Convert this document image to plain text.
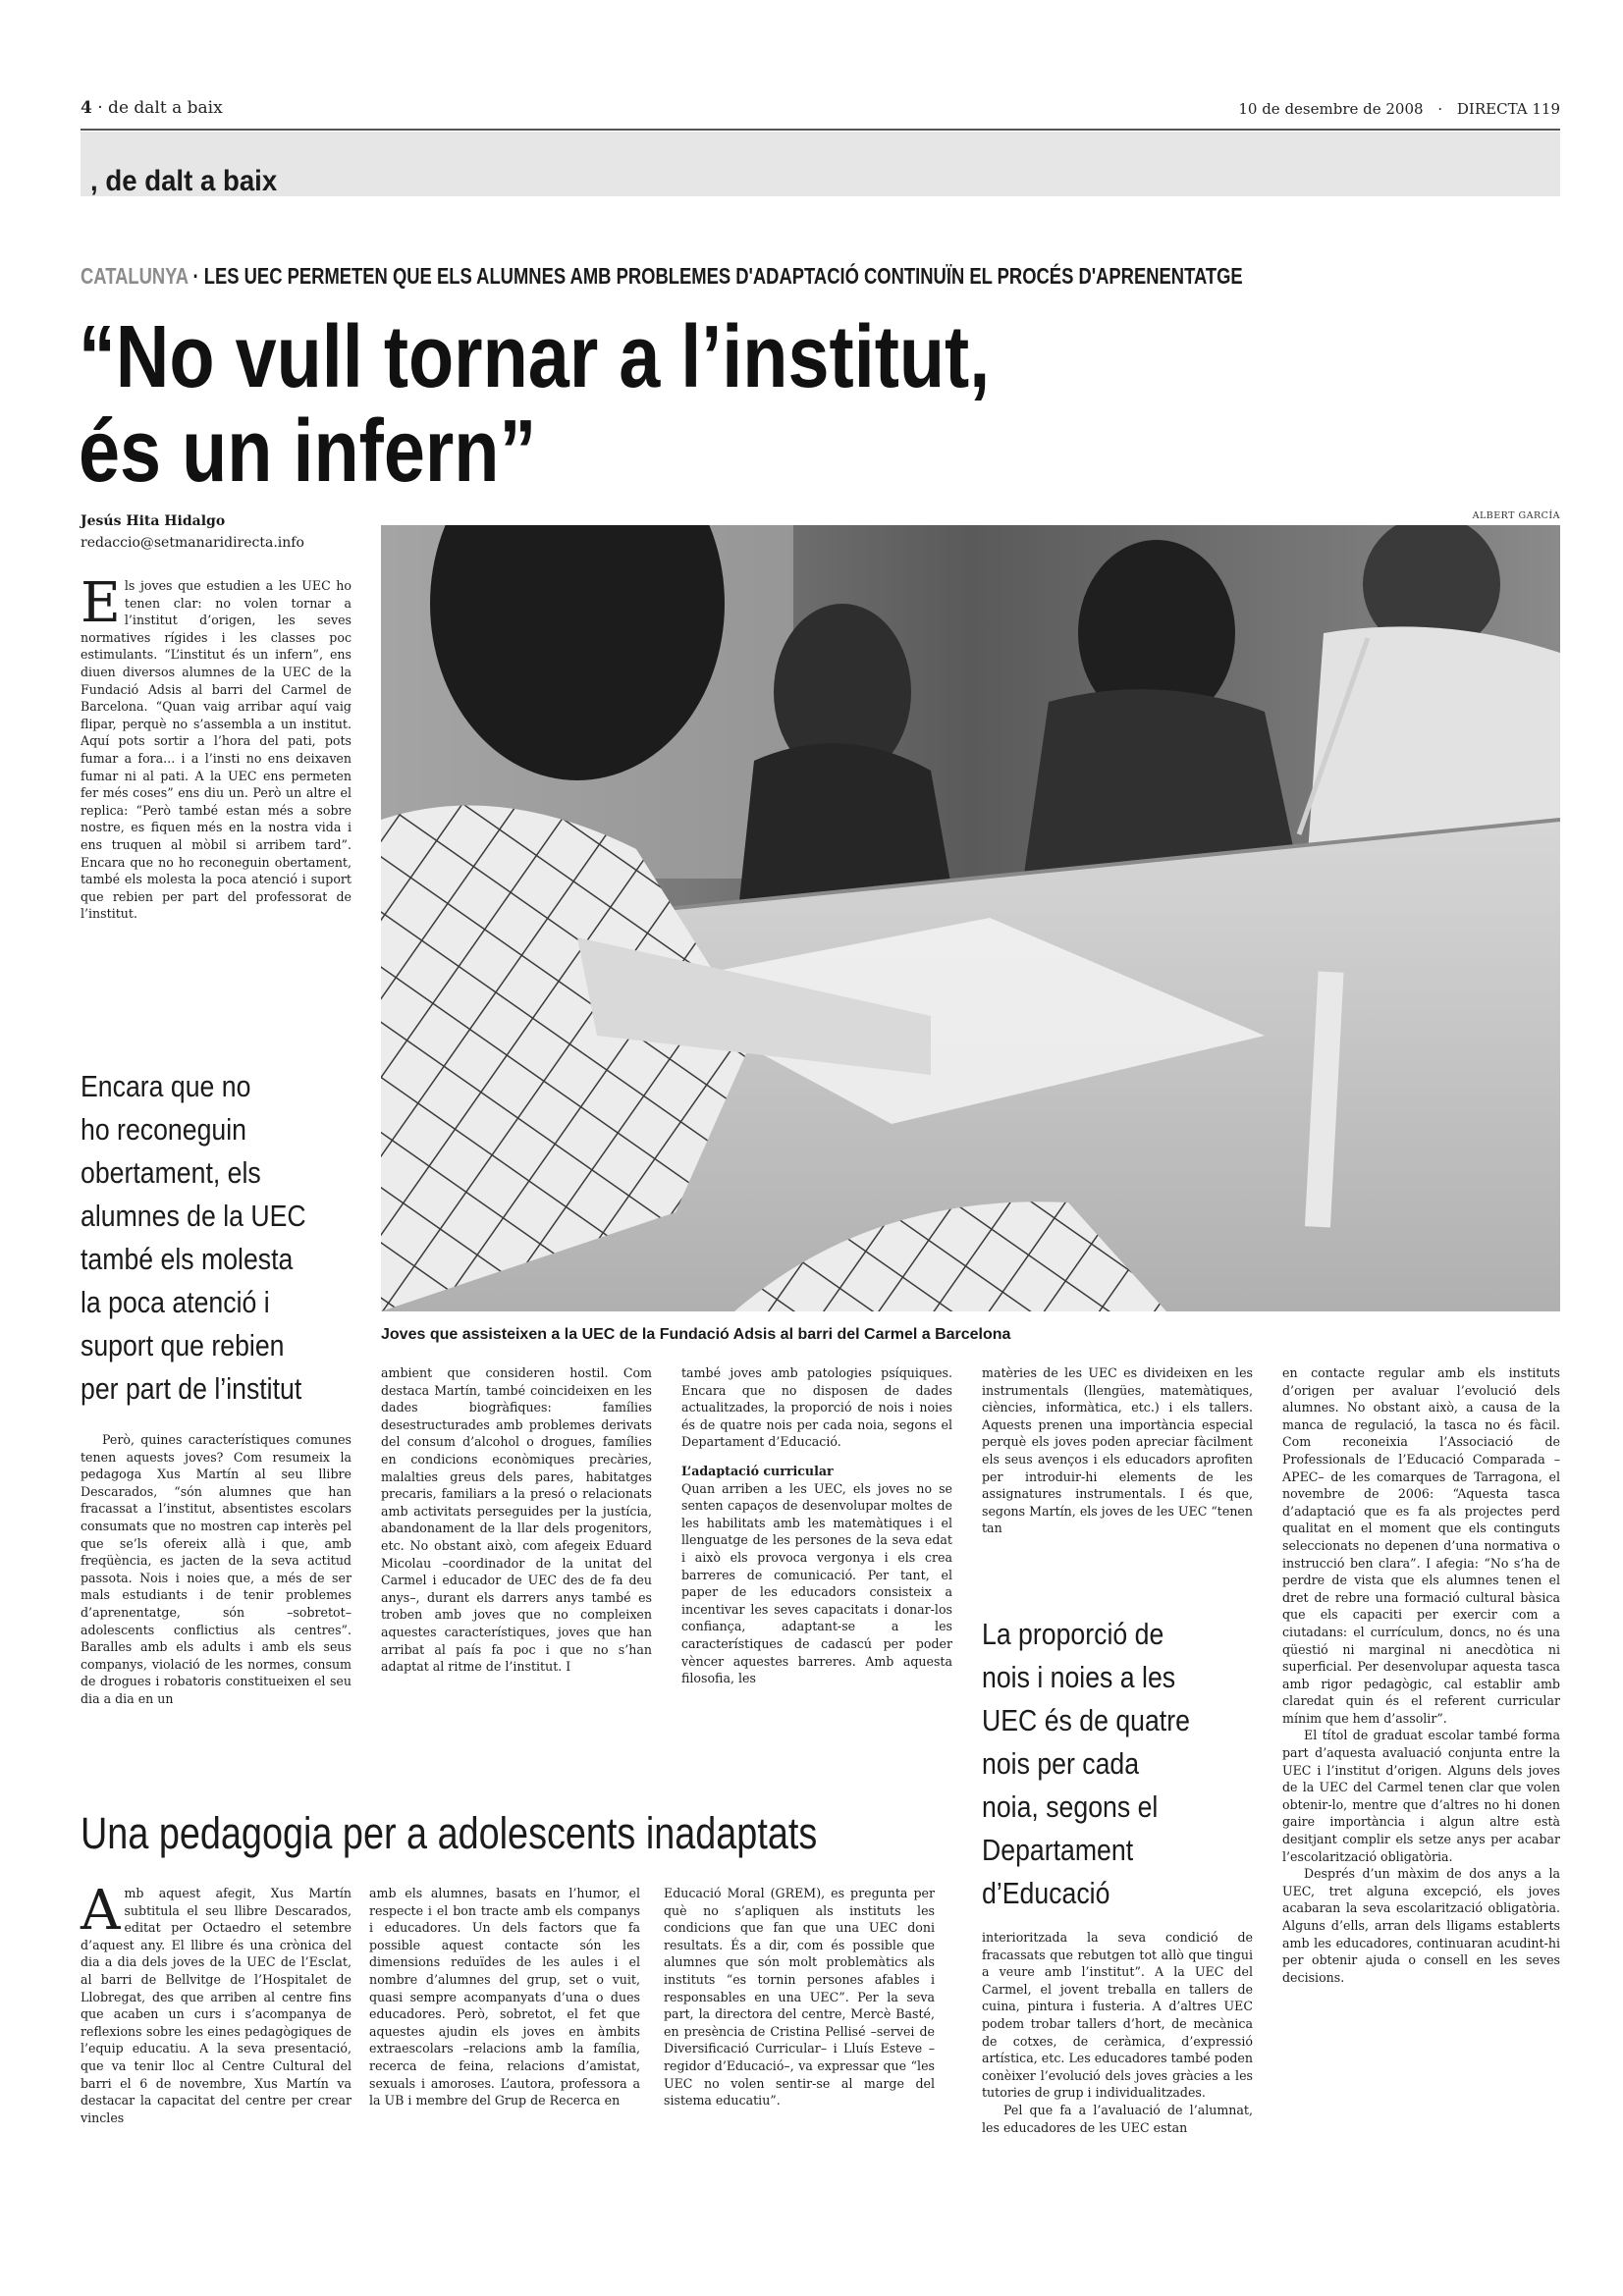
4 · de dalt a baix	10 de desembre de 2008 · DIRECTA 119
, de dalt a baix
CATALUNYA · LES UEC PERMETEN QUE ELS ALUMNES AMB PROBLEMES D'ADAPTACIÓ CONTINUÏN EL PROCÉS D'APRENENTATGE
“No vull tornar a l’institut,
és un infern”
Jesús Hita Hidalgo
redaccio@setmanaridirecta.info
ALBERT GARCÍA
Joves que assisteixen a la UEC de la Fundació Adsis al barri del Carmel a Barcelona
E ls joves que estudien a les UEC ho tenen clar: no volen tornar a l’institut d’origen, les seves normatives rígides i les classes poc estimulants. “L’institut és un infern”, ens diuen diversos alumnes de la UEC de la Fundació Adsis al barri del Carmel de Barcelona. “Quan vaig arribar aquí vaig flipar, perquè no s’assembla a un institut. Aquí pots sortir a l’hora del pati, pots fumar a fora... i a l’insti no ens deixaven fumar ni al pati. A la UEC ens permeten fer més coses” ens diu un. Però un altre el replica: “Però també estan més a sobre nostre, es fiquen més en la nostra vida i ens truquen al mòbil si arribem tard”. Encara que no ho reconeguin obertament, també els molesta la poca atenció i suport que rebien per part del professorat de l’institut.

Encara que no

ho reconeguin

obertament, els

alumnes de la UEC

també els molesta

la poca atenció i

suport que rebien

per part de l’institut

Però, quines característiques comunes tenen aquests joves? Com resumeix la pedagoga Xus Martín al seu llibre Descarados, “són alumnes que han fracassat a l’institut, absentistes escolars consumats que no mostren cap interès pel que se’ls ofereix allà i que, amb freqüència, es jacten de la seva actitud passota. Nois i noies que, a més de ser mals estudiants i de tenir problemes d’aprenentatge, són –sobretot– adolescents conflictius als centres”. Baralles amb els adults i amb els seus companys, violació de les normes, consum de drogues i robatoris constitueixen el seu dia a dia en un

ambient que consideren hostil. Com destaca Martín, també coincideixen en les dades biogràfiques: famílies desestructurades amb problemes derivats del consum d’alcohol o drogues, famílies en condicions econòmiques precàries, malalties greus dels pares, habitatges precaris, familiars a la presó o relacionats amb activitats perseguides per la justícia, abandonament de la llar dels progenitors, etc. No obstant això, com afegeix Eduard Micolau –coordinador de la unitat del Carmel i educador de UEC des de fa deu anys–, durant els darrers anys també es troben amb joves que no compleixen aquestes característiques, joves que han arribat al país fa poc i que no s’han adaptat al ritme de l’institut. I

també joves amb patologies psíquiques. Encara que no disposen de dades actualitzades, la proporció de nois i noies és de quatre nois per cada noia, segons el Departament d’Educació.

L’adaptació curricular

Quan arriben a les UEC, els joves no se senten capaços de desenvolupar moltes de les habilitats amb les matemàtiques i el llenguatge de les persones de la seva edat i això els provoca vergonya i els crea barreres de comunicació. Per tant, el paper de les educadors consisteix a incentivar les seves capacitats i donar-los confiança, adaptant-se a les característiques de cadascú per poder vèncer aquestes barreres. Amb aquesta filosofia, les

matèries de les UEC es divideixen en les instrumentals (llengües, matemàtiques, ciències, informàtica, etc.) i els tallers. Aquests prenen una importància especial perquè els joves poden apreciar fàcilment els seus avenços i els educadors aprofiten per introduir-hi elements de les assignatures instrumentals. I és que, segons Martín, els joves de les UEC “tenen tan

La proporció de

nois i noies a les

UEC és de quatre

nois per cada

noia, segons el

Departament

d’Educació

interioritzada la seva condició de fracassats que rebutgen tot allò que tingui a veure amb l’institut”. A la UEC del Carmel, el jovent treballa en tallers de cuina, pintura i fusteria. A d’altres UEC podem trobar tallers d’hort, de mecànica de cotxes, de ceràmica, d’expressió artística, etc. Les educadores també poden conèixer l’evolució dels joves gràcies a les tutories de grup i individualitzades.

Pel que fa a l’avaluació de l’alumnat, les educadores de les UEC estan

en contacte regular amb els instituts d’origen per avaluar l’evolució dels alumnes. No obstant això, a causa de la manca de regulació, la tasca no és fàcil. Com reconeixia l’Associació de Professionals de l’Educació Comparada –APEC– de les comarques de Tarragona, el novembre de 2006: “Aquesta tasca d’adaptació que es fa als projectes perd qualitat en el moment que els continguts seleccionats no depenen d’una normativa o instrucció ben clara”. I afegia: “No s’ha de perdre de vista que els alumnes tenen el dret de rebre una formació cultural bàsica que els capaciti per exercir com a ciutadans: el currículum, doncs, no és una qüestió ni marginal ni anecdòtica ni superficial. Per desenvolupar aquesta tasca amb rigor pedagògic, cal establir amb claredat quin és el referent curricular mínim que hem d’assolir”.

El títol de graduat escolar també forma part d’aquesta avaluació conjunta entre la UEC i l’institut d’origen. Alguns dels joves de la UEC del Carmel tenen clar que volen obtenir-lo, mentre que d’altres no hi donen gaire importància i algun altre està desitjant complir els setze anys per acabar l’escolarització obligatòria.

Després d’un màxim de dos anys a la UEC, tret alguna excepció, els joves acabaran la seva escolarització obligatòria. Alguns d’ells, arran dels lligams establerts amb les educadores, continuaran acudint-hi per obtenir ajuda o consell en les seves decisions.

Una pedagogia per a adolescents inadaptats
A mb aquest afegit, Xus Martín subtitula el seu llibre Descarados, editat per Octaedro el setembre d’aquest any. El llibre és una crònica del dia a dia dels joves de la UEC de l’Esclat, al barri de Bellvitge de l’Hospitalet de Llobregat, des que arriben al centre fins que acaben un curs i s’acompanya de reflexions sobre les eines pedagògiques de l’equip educatiu. A la seva presentació, que va tenir lloc al Centre Cultural del barri el 6 de novembre, Xus Martín va destacar la capacitat del centre per crear vincles

amb els alumnes, basats en l’humor, el respecte i el bon tracte amb els companys i educadores. Un dels factors que fa possible aquest contacte són les dimensions reduïdes de les aules i el nombre d’alumnes del grup, set o vuit, quasi sempre acompanyats d’una o dues educadores. Però, sobretot, el fet que aquestes ajudin els joves en àmbits extraescolars –relacions amb la família, recerca de feina, relacions d’amistat, sexuals i amoroses. L’autora, professora a la UB i membre del Grup de Recerca en

Educació Moral (GREM), es pregunta per què no s’apliquen als instituts les condicions que fan que una UEC doni resultats. És a dir, com és possible que alumnes que són molt problemàtics als instituts “es tornin persones afables i responsables en una UEC”. Per la seva part, la directora del centre, Mercè Basté, en presència de Cristina Pellisé –servei de Diversificació Curricular– i Lluís Esteve –regidor d’Educació–, va expressar que “les UEC no volen sentir-se al marge del sistema educatiu”.
